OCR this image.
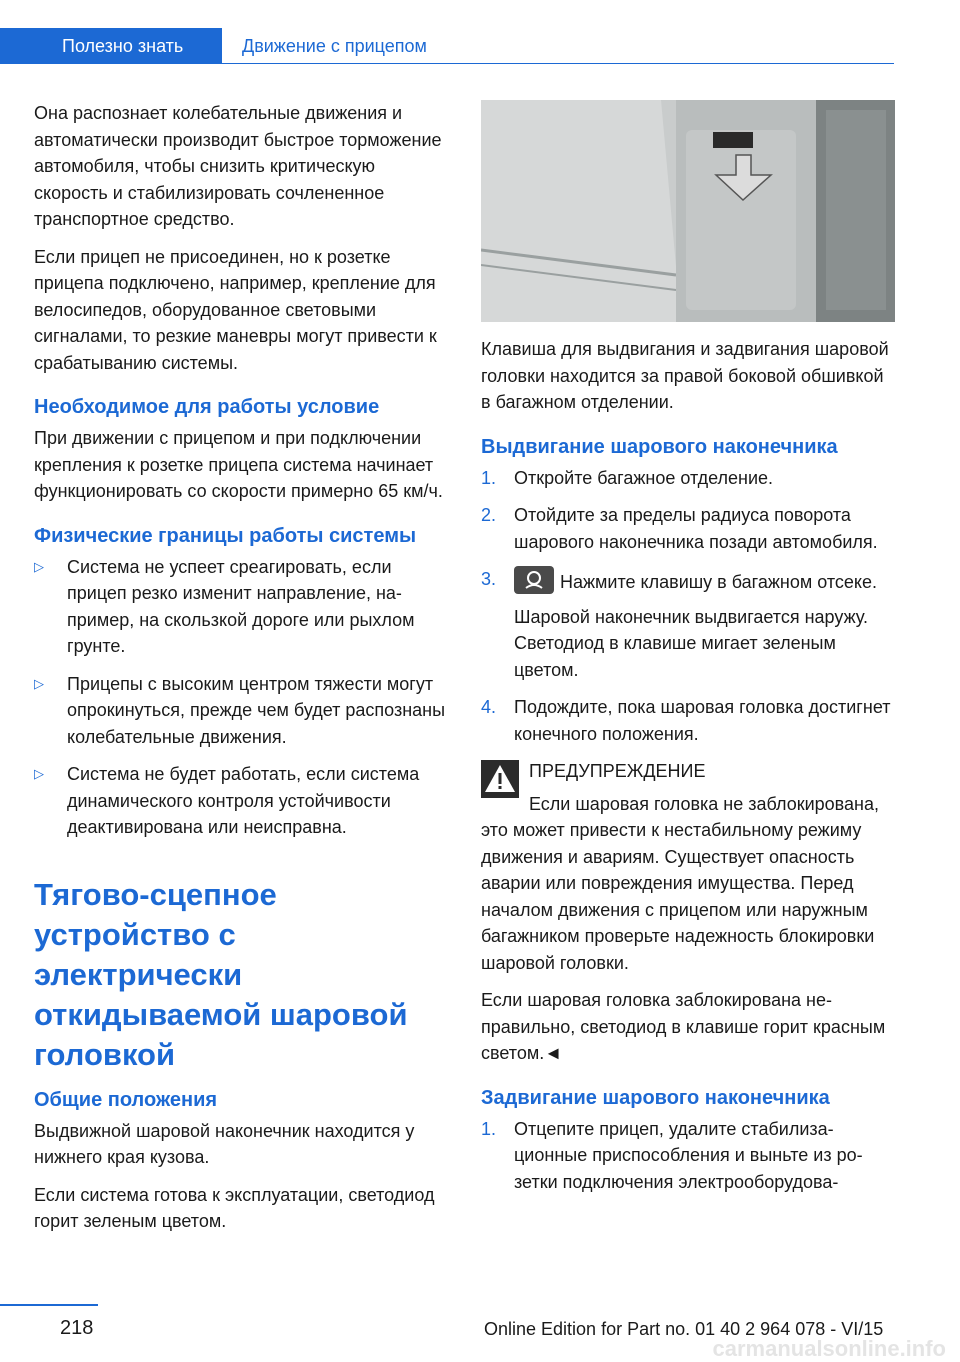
Полезно знать	Движение с прицепом

Она распознает колебательные движения и автоматически производит быстрое торможение автомобиля, чтобы снизить критическую скорость и стабилизировать сочлененное транспортное средство.

Если прицеп не присоединен, но к розетке прицепа подключено, например, крепление для велосипедов, оборудованное световыми сигналами, то резкие маневры могут привести к срабатыванию системы.

Необходимое для работы условие

При движении с прицепом и при подключении крепления к розетке прицепа система начинает функционировать со скорости примерно 65 км/ч.

Физические границы работы системы
▷ Система не успеет среагировать, если прицеп резко изменит направление, например, на скользкой дороге или рыхлом грунте.
▷ Прицепы с высоким центром тяжести могут опрокинуться, прежде чем будет распознаны колебательные движения.
▷ Система не будет работать, если система динамического контроля устойчивости деактивирована или неисправна.
Тягово-сцепное устройство с электрически откидываемой шаровой головкой
Общие положения

Выдвижной шаровой наконечник находится у нижнего края кузова.

Если система готова к эксплуатации, светодиод горит зеленым цветом.

Клавиша для выдвигания и задвигания шаровой головки находится за правой боковой обшивкой в багажном отделении.

Выдвигание шарового наконечника
1. Откройте багажное отделение.
2. Отойдите за пределы радиуса поворота шарового наконечника позади автомобиля.
3.	Нажмите клавишу в багажном отсеке.

Шаровой наконечник выдвигается наружу. Светодиод в клавише мигает зеленым цветом.

4. Подождите, пока шаровая головка достигнет конечного положения.

ПРЕДУПРЕЖДЕНИЕ

Если шаровая головка не заблокирована, это может привести к нестабильному режиму движения и авариям. Существует опасность аварии или повреждения имущества. Перед началом движения с прицепом или наружным багажником проверьте надежность блокировки шаровой головки.

Если шаровая головка заблокирована неправильно, светодиод в клавише горит красным светом.◄

Задвигание шарового наконечника
1. Отцепите прицеп, удалите стабилизационные приспособления и выньте из розетки подключения электрооборудова-
218	Online Edition for Part no. 01 40 2 964 078 - VI/15
carmanualsonline.info
